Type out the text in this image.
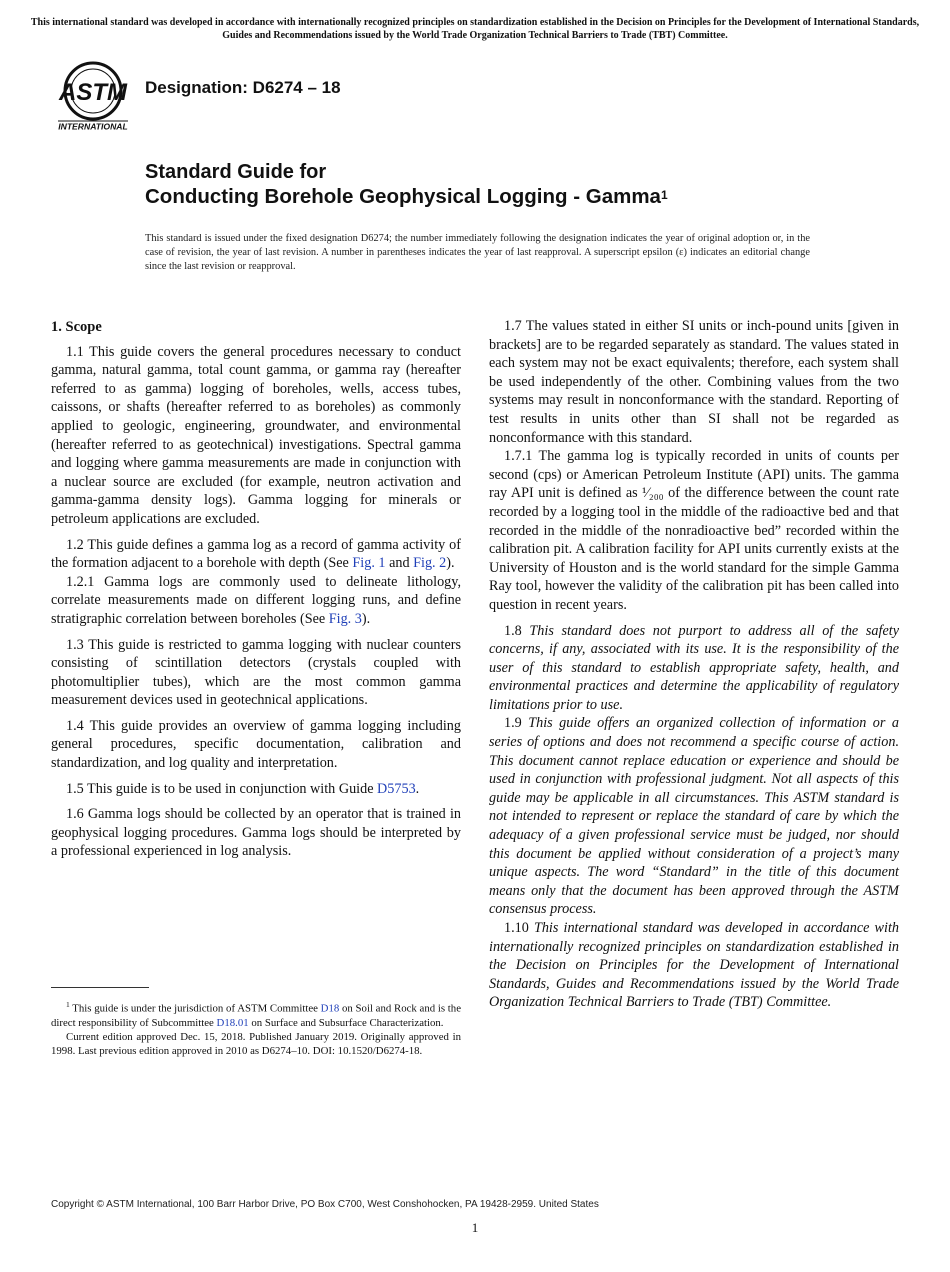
This international standard was developed in accordance with internationally recognized principles on standardization established in the Decision on Principles for the Development of International Standards, Guides and Recommendations issued by the World Trade Organization Technical Barriers to Trade (TBT) Committee.
ASTM
INTERNATIONAL
Designation: D6274 – 18
Standard Guide for
Conducting Borehole Geophysical Logging - Gamma$^1$
This standard is issued under the fixed designation D6274; the number immediately following the designation indicates the year of original adoption or, in the case of revision, the year of last revision. A number in parentheses indicates the year of last reapproval. A superscript epsilon (ε) indicates an editorial change since the last revision or reapproval.
1. Scope

1.1 This guide covers the general procedures necessary to conduct gamma, natural gamma, total count gamma, or gamma ray (hereafter referred to as gamma) logging of boreholes, wells, access tubes, caissons, or shafts (hereafter referred to as boreholes) as commonly applied to geologic, engineering, groundwater, and environmental (hereafter referred to as geotechnical) investigations. Spectral gamma and logging where gamma measurements are made in conjunction with a nuclear source are excluded (for example, neutron activation and gamma-gamma density logs). Gamma logging for minerals or petroleum applications are excluded.

1.2 This guide defines a gamma log as a record of gamma activity of the formation adjacent to a borehole with depth (See Fig. 1 and Fig. 2).

1.2.1 Gamma logs are commonly used to delineate lithology, correlate measurements made on different logging runs, and define stratigraphic correlation between boreholes (See Fig. 3).

1.3 This guide is restricted to gamma logging with nuclear counters consisting of scintillation detectors (crystals coupled with photomultiplier tubes), which are the most common gamma measurement devices used in geotechnical applications.

1.4 This guide provides an overview of gamma logging including general procedures, specific documentation, calibration and standardization, and log quality and interpretation.

1.5 This guide is to be used in conjunction with Guide D5753.

1.6 Gamma logs should be collected by an operator that is trained in geophysical logging procedures. Gamma logs should be interpreted by a professional experienced in log analysis.

1.7 The values stated in either SI units or inch-pound units [given in brackets] are to be regarded separately as standard. The values stated in each system may not be exact equivalents; therefore, each system shall be used independently of the other. Combining values from the two systems may result in nonconformance with the standard. Reporting of test results in units other than SI shall not be regarded as nonconformance with this standard.

1.7.1 The gamma log is typically recorded in units of counts per second (cps) or American Petroleum Institute (API) units. The gamma ray API unit is defined as ¹⁄₂₀₀ of the difference between the count rate recorded by a logging tool in the middle of the radioactive bed and that recorded in the middle of the nonradioactive bed” recorded within the calibration pit. A calibration facility for API units currently exists at the University of Houston and is the world standard for the simple Gamma Ray tool, however the validity of the calibration pit has been called into question in recent years.

1.8 This standard does not purport to address all of the safety concerns, if any, associated with its use. It is the responsibility of the user of this standard to establish appropriate safety, health, and environmental practices and determine the applicability of regulatory limitations prior to use.

1.9 This guide offers an organized collection of information or a series of options and does not recommend a specific course of action. This document cannot replace education or experience and should be used in conjunction with professional judgment. Not all aspects of this guide may be applicable in all circumstances. This ASTM standard is not intended to represent or replace the standard of care by which the adequacy of a given professional service must be judged, nor should this document be applied without consideration of a project’s many unique aspects. The word “Standard” in the title of this document means only that the document has been approved through the ASTM consensus process.

1.10 This international standard was developed in accordance with internationally recognized principles on standardization established in the Decision on Principles for the Development of International Standards, Guides and Recommendations issued by the World Trade Organization Technical Barriers to Trade (TBT) Committee.

$^1$ This guide is under the jurisdiction of ASTM Committee D18 on Soil and Rock and is the direct responsibility of Subcommittee D18.01 on Surface and Subsurface Characterization.

Current edition approved Dec. 15, 2018. Published January 2019. Originally approved in 1998. Last previous edition approved in 2010 as D6274–10. DOI: 10.1520/D6274-18.

Copyright © ASTM International, 100 Barr Harbor Drive, PO Box C700, West Conshohocken, PA 19428-2959. United States
1
